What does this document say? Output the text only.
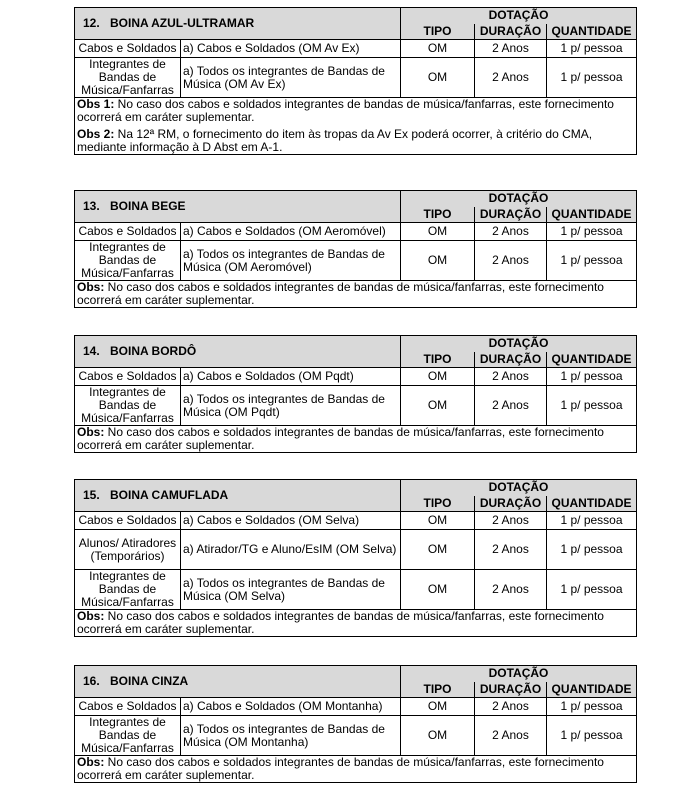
12. BOINA AZUL-ULTRAMAR		DOTAÇÃO		
		TIPO	DURAÇÃO	QUANTIDADE
Cabos e Soldados	a) Cabos e Soldados (OM Av Ex)	OM	2 Anos	1 p/ pessoa
Integrantes de Bandas de Música/Fanfarras	a) Todos os integrantes de Bandas de Música (OM Av Ex)	OM	2 Anos	1 p/ pessoa

Obs 1: No caso dos cabos e soldados integrantes de bandas de música/fanfarras, este fornecimento ocorrerá em caráter suplementar.
Obs 2: Na 12ª RM, o fornecimento do item às tropas da Av Ex poderá ocorrer, à critério do CMA, mediante informação à D Abst em A-1.				
13. BOINA BEGE		DOTAÇÃO		
		TIPO	DURAÇÃO	QUANTIDADE
Cabos e Soldados	a) Cabos e Soldados (OM Aeromóvel)	OM	2 Anos	1 p/ pessoa
Integrantes de Bandas de Música/Fanfarras	a) Todos os integrantes de Bandas de Música (OM Aeromóvel)	OM	2 Anos	1 p/ pessoa

Obs: No caso dos cabos e soldados integrantes de bandas de música/fanfarras, este fornecimento ocorrerá em caráter suplementar.				
14. BOINA BORDÔ		DOTAÇÃO		
		TIPO	DURAÇÃO	QUANTIDADE
Cabos e Soldados	a) Cabos e Soldados (OM Pqdt)	OM	2 Anos	1 p/ pessoa
Integrantes de Bandas de Música/Fanfarras	a) Todos os integrantes de Bandas de Música (OM Pqdt)	OM	2 Anos	1 p/ pessoa

Obs: No caso dos cabos e soldados integrantes de bandas de música/fanfarras, este fornecimento ocorrerá em caráter suplementar.				
15. BOINA CAMUFLADA		DOTAÇÃO		
		TIPO	DURAÇÃO	QUANTIDADE
Cabos e Soldados	a) Cabos e Soldados (OM Selva)	OM	2 Anos	1 p/ pessoa
Alunos/ Atiradores (Temporários)	a) Atirador/TG e Aluno/EsIM (OM Selva)	OM	2 Anos	1 p/ pessoa
Integrantes de Bandas de Música/Fanfarras	a) Todos os integrantes de Bandas de Música (OM Selva)	OM	2 Anos	1 p/ pessoa

Obs: No caso dos cabos e soldados integrantes de bandas de música/fanfarras, este fornecimento ocorrerá em caráter suplementar.				
16. BOINA CINZA		DOTAÇÃO		
		TIPO	DURAÇÃO	QUANTIDADE
Cabos e Soldados	a) Cabos e Soldados (OM Montanha)	OM	2 Anos	1 p/ pessoa
Integrantes de Bandas de Música/Fanfarras	a) Todos os integrantes de Bandas de Música (OM Montanha)	OM	2 Anos	1 p/ pessoa

Obs: No caso dos cabos e soldados integrantes de bandas de música/fanfarras, este fornecimento ocorrerá em caráter suplementar.				
